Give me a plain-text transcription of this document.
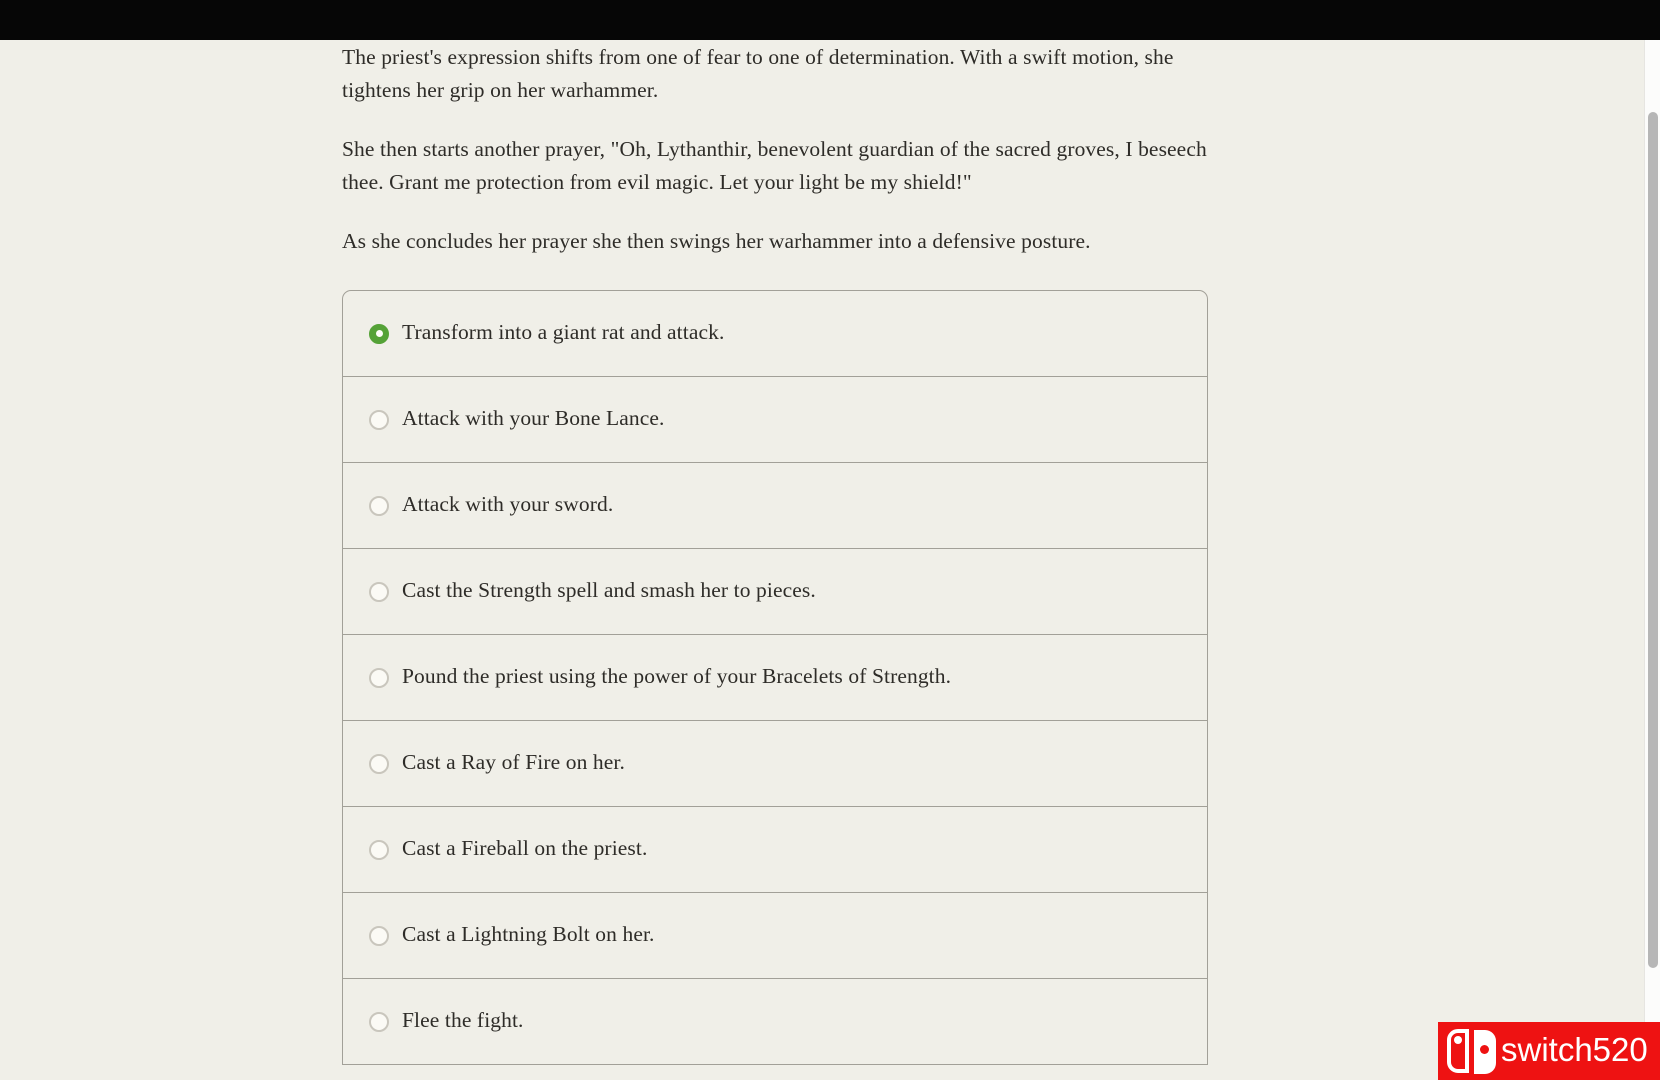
The priest's expression shifts from one of fear to one of determination. With a swift motion, she tightens her grip on her warhammer.

She then starts another prayer, "Oh, Lythanthir, benevolent guardian of the sacred groves, I beseech thee. Grant me protection from evil magic. Let your light be my shield!"

As she concludes her prayer she then swings her warhammer into a defensive posture.

Transform into a giant rat and attack.
Attack with your Bone Lance.
Attack with your sword.
Cast the Strength spell and smash her to pieces.
Pound the priest using the power of your Bracelets of Strength.
Cast a Ray of Fire on her.
Cast a Fireball on the priest.
Cast a Lightning Bolt on her.
Flee the fight.
switch520
